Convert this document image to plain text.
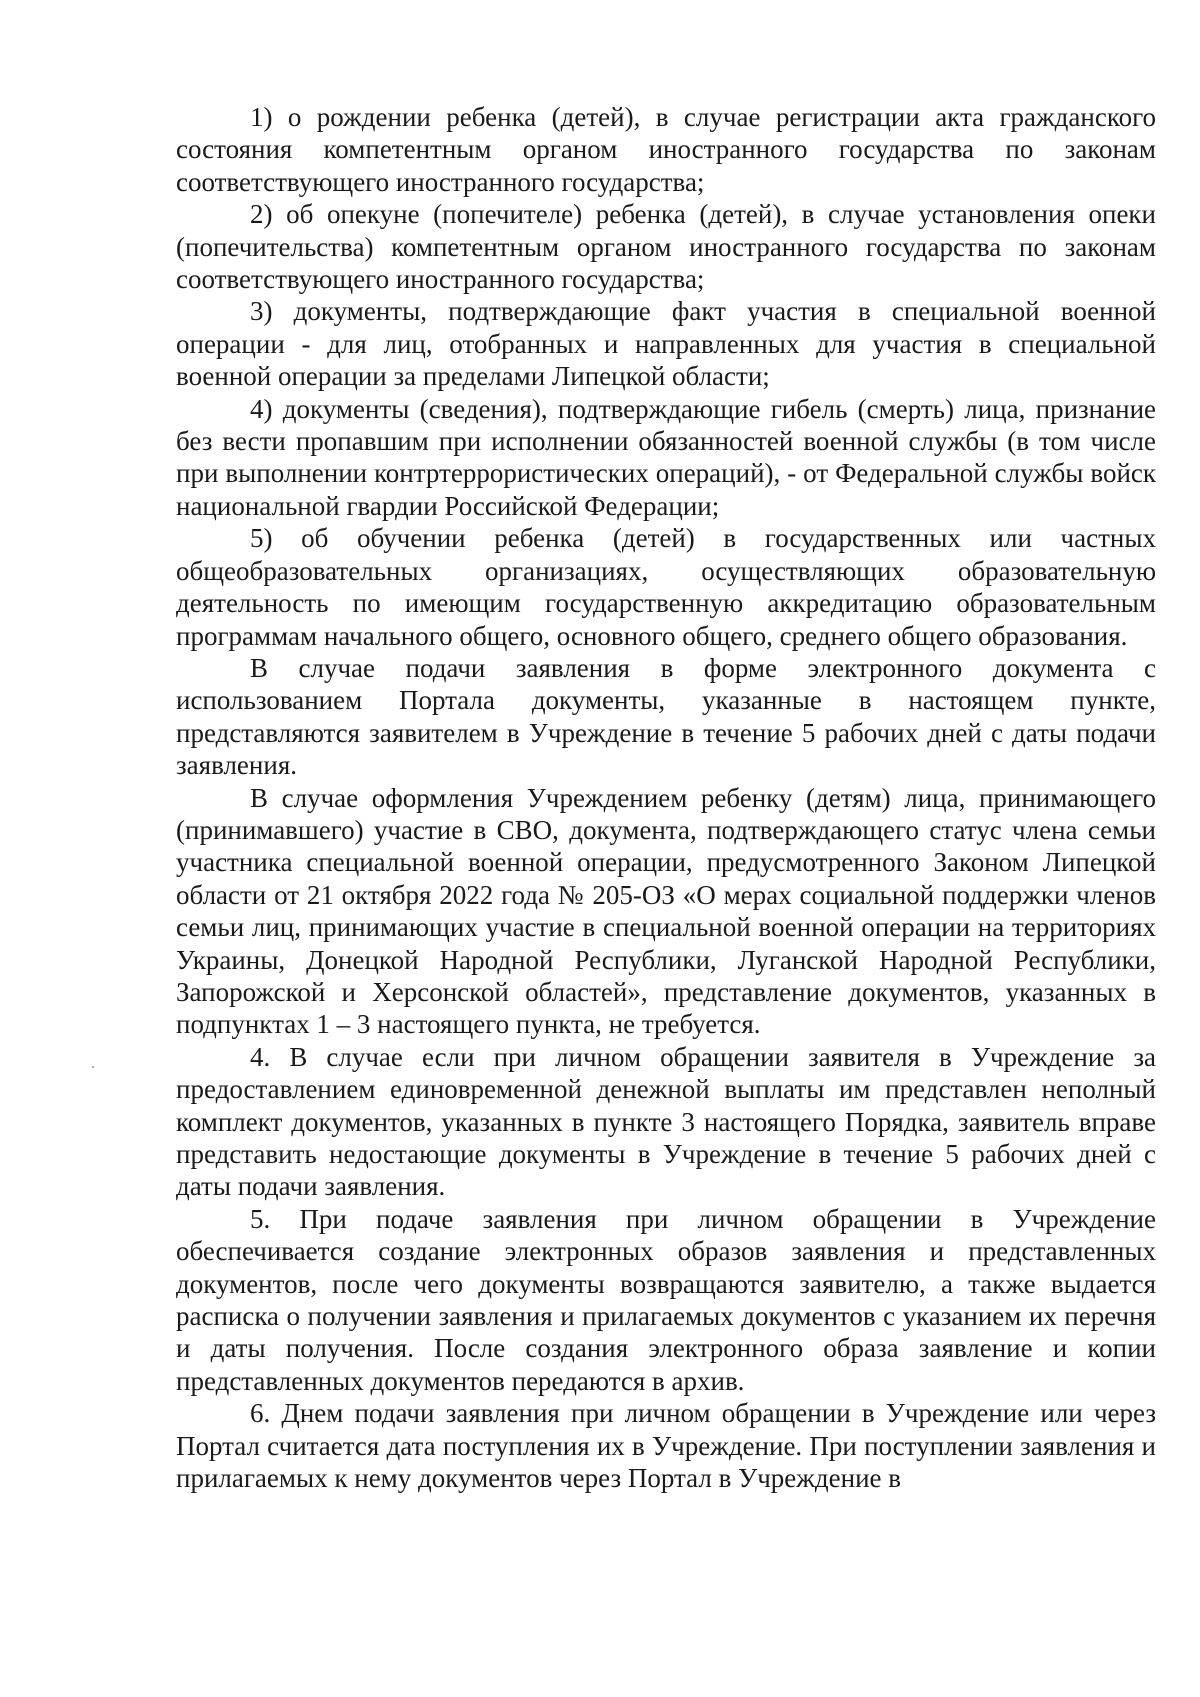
1) о рождении ребенка (детей), в случае регистрации акта гражданского состояния компетентным органом иностранного государства по законам соответствующего иностранного государства;

2) об опекуне (попечителе) ребенка (детей), в случае установления опеки (попечительства) компетентным органом иностранного государства по законам соответствующего иностранного государства;

3) документы, подтверждающие факт участия в специальной военной операции - для лиц, отобранных и направленных для участия в специальной военной операции за пределами Липецкой области;

4) документы (сведения), подтверждающие гибель (смерть) лица, признание без вести пропавшим при исполнении обязанностей военной службы (в том числе при выполнении контртеррористических операций), - от Федеральной службы войск национальной гвардии Российской Федерации;

5) об обучении ребенка (детей) в государственных или частных общеобразовательных организациях, осуществляющих образовательную деятельность по имеющим государственную аккредитацию образовательным программам начального общего, основного общего, среднего общего образования.

В случае подачи заявления в форме электронного документа с использованием Портала документы, указанные в настоящем пункте, представляются заявителем в Учреждение в течение 5 рабочих дней с даты подачи заявления.

В случае оформления Учреждением ребенку (детям) лица, принимающего (принимавшего) участие в СВО, документа, подтверждающего статус члена семьи участника специальной военной операции, предусмотренного Законом Липецкой области от 21 октября 2022 года № 205-ОЗ «О мерах социальной поддержки членов семьи лиц, принимающих участие в специальной военной операции на территориях Украины, Донецкой Народной Республики, Луганской Народной Республики, Запорожской и Херсонской областей», представление документов, указанных в подпунктах 1 – 3 настоящего пункта, не требуется.

4. В случае если при личном обращении заявителя в Учреждение за предоставлением единовременной денежной выплаты им представлен неполный комплект документов, указанных в пункте 3 настоящего Порядка, заявитель вправе представить недостающие документы в Учреждение в течение 5 рабочих дней с даты подачи заявления.

5. При подаче заявления при личном обращении в Учреждение обеспечивается создание электронных образов заявления и представленных документов, после чего документы возвращаются заявителю, а также выдается расписка о получении заявления и прилагаемых документов с указанием их перечня и даты получения. После создания электронного образа заявление и копии представленных документов передаются в архив.

6. Днем подачи заявления при личном обращении в Учреждение или через Портал считается дата поступления их в Учреждение. При поступлении заявления и прилагаемых к нему документов через Портал в Учреждение в
